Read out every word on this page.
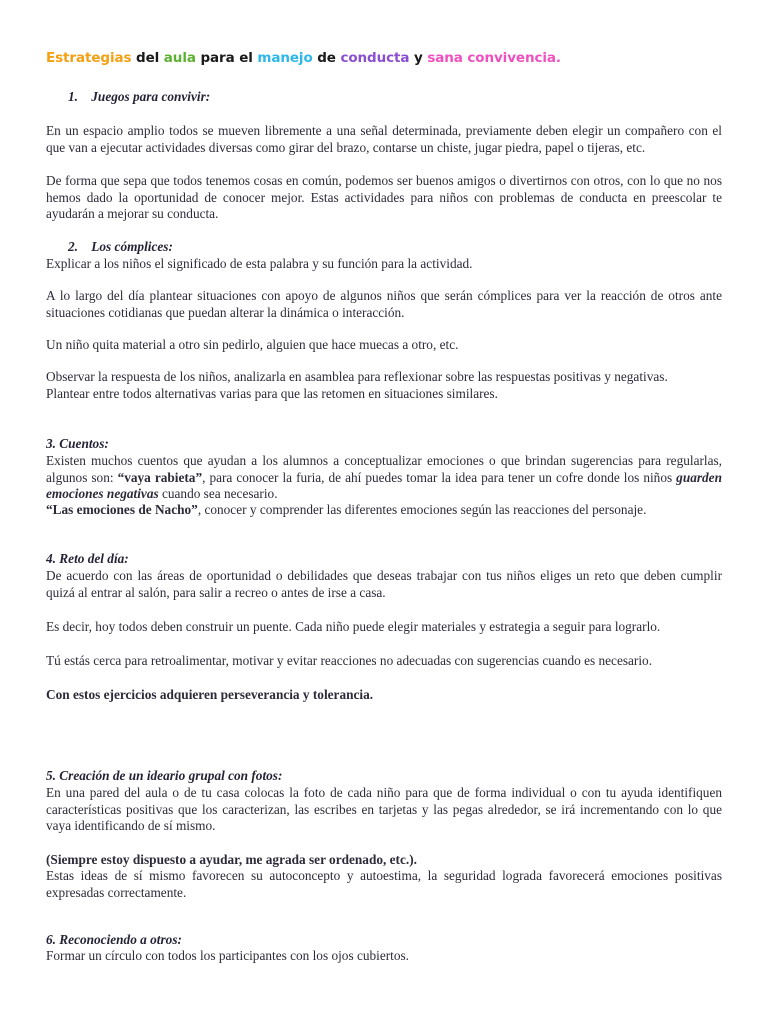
Estrategias del aula para el manejo de conducta y sana convivencia.
1.    Juegos para convivir:

En un espacio amplio todos se mueven libremente a una señal determinada, previamente deben elegir un compañero con el que van a ejecutar actividades diversas como girar del brazo, contarse un chiste, jugar piedra, papel o tijeras, etc.

De forma que sepa que todos tenemos cosas en común, podemos ser buenos amigos o divertirnos con otros, con lo que no nos hemos dado la oportunidad de conocer mejor. Estas actividades para niños con problemas de conducta en preescolar te ayudarán a mejorar su conducta.

2.    Los cómplices:

Explicar a los niños el significado de esta palabra y su función para la actividad.

A lo largo del día plantear situaciones con apoyo de algunos niños que serán cómplices para ver la reacción de otros ante situaciones cotidianas que puedan alterar la dinámica o interacción.

Un niño quita material a otro sin pedirlo, alguien que hace muecas a otro, etc.

Observar la respuesta de los niños, analizarla en asamblea para reflexionar sobre las respuestas positivas y negativas.

Plantear entre todos alternativas varias para que las retomen en situaciones similares.

3. Cuentos:

Existen muchos cuentos que ayudan a los alumnos a conceptualizar emociones o que brindan sugerencias para regularlas, algunos son: “vaya rabieta”, para conocer la furia, de ahí puedes tomar la idea para tener un cofre donde los niños guarden emociones negativas cuando sea necesario.

“Las emociones de Nacho”, conocer y comprender las diferentes emociones según las reacciones del personaje.

4. Reto del día:

De acuerdo con las áreas de oportunidad o debilidades que deseas trabajar con tus niños eliges un reto que deben cumplir quizá al entrar al salón, para salir a recreo o antes de irse a casa.

Es decir, hoy todos deben construir un puente. Cada niño puede elegir materiales y estrategia a seguir para lograrlo.

Tú estás cerca para retroalimentar, motivar y evitar reacciones no adecuadas con sugerencias cuando es necesario.

Con estos ejercicios adquieren perseverancia y tolerancia.

5. Creación de un ideario grupal con fotos:

En una pared del aula o de tu casa colocas la foto de cada niño para que de forma individual o con tu ayuda identifiquen características positivas que los caracterizan, las escribes en tarjetas y las pegas alrededor, se irá incrementando con lo que vaya identificando de sí mismo.

(Siempre estoy dispuesto a ayudar, me agrada ser ordenado, etc.).

Estas ideas de sí mismo favorecen su autoconcepto y autoestima, la seguridad lograda favorecerá emociones positivas expresadas correctamente.

6. Reconociendo a otros:

Formar un círculo con todos los participantes con los ojos cubiertos.
